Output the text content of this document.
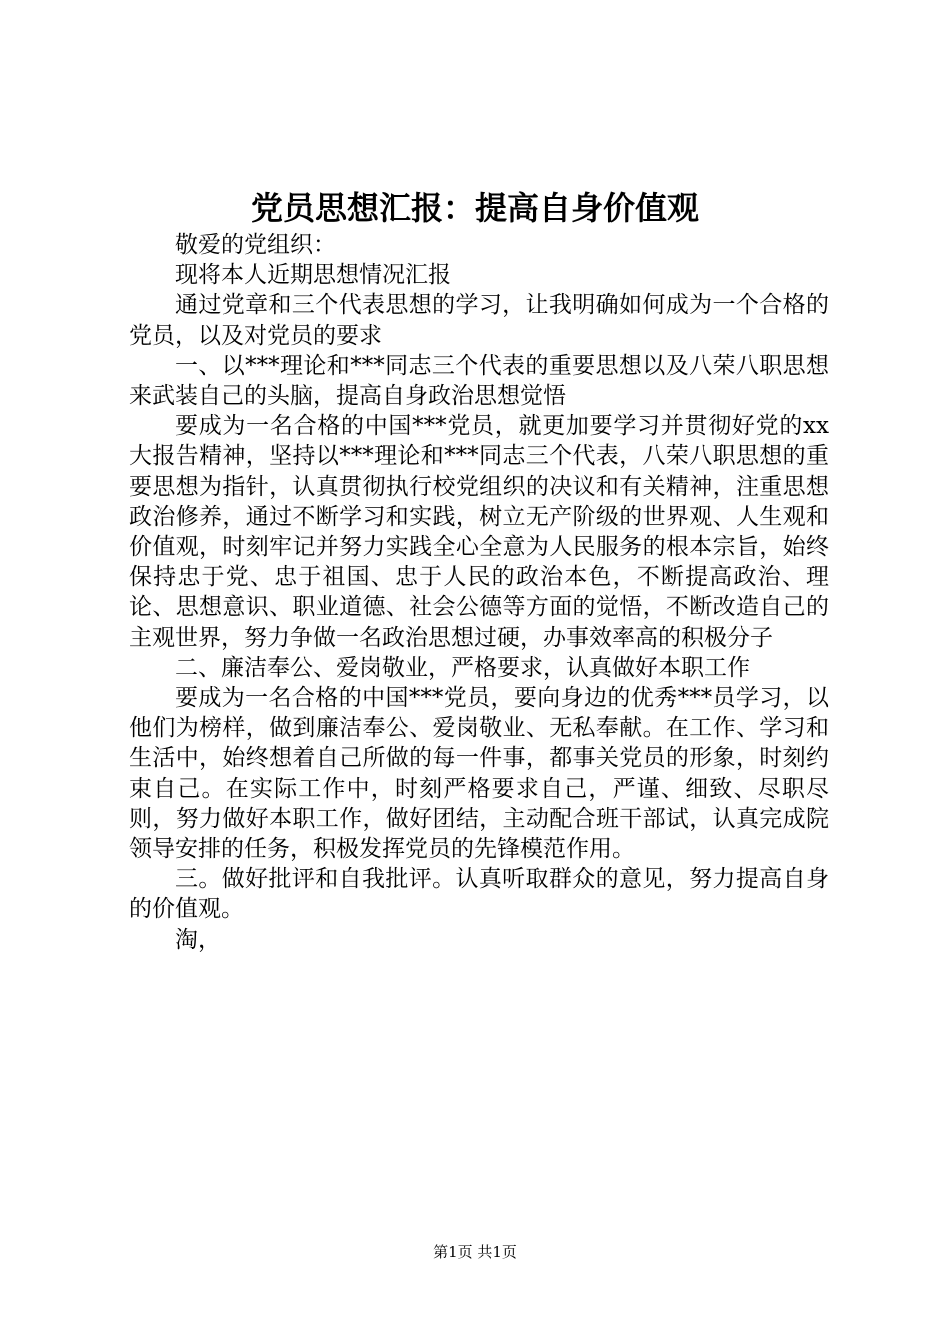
党员思想汇报：提高自身价值观

敬爱的党组织：

现将本人近期思想情况汇报

通过党章和三个代表思想的学习，让我明确如何成为一个合格的党员，以及对党员的要求

一、以***理论和***同志三个代表的重要思想以及八荣八职思想来武装自己的头脑，提高自身政治思想觉悟

要成为一名合格的中国***党员，就更加要学习并贯彻好党的xx大报告精神，坚持以***理论和***同志三个代表，八荣八职思想的重要思想为指针，认真贯彻执行校党组织的决议和有关精神，注重思想政治修养，通过不断学习和实践，树立无产阶级的世界观、人生观和价值观，时刻牢记并努力实践全心全意为人民服务的根本宗旨，始终保持忠于党、忠于祖国、忠于人民的政治本色，不断提高政治、理论、思想意识、职业道德、社会公德等方面的觉悟，不断改造自己的主观世界，努力争做一名政治思想过硬，办事效率高的积极分子

二、廉洁奉公、爱岗敬业，严格要求，认真做好本职工作

要成为一名合格的中国***党员，要向身边的优秀***员学习，以他们为榜样，做到廉洁奉公、爱岗敬业、无私奉献。在工作、学习和生活中，始终想着自己所做的每一件事，都事关党员的形象，时刻约束自己。在实际工作中，时刻严格要求自己，严谨、细致、尽职尽则，努力做好本职工作，做好团结，主动配合班干部试，认真完成院领导安排的任务，积极发挥党员的先锋模范作用。

三。做好批评和自我批评。认真听取群众的意见，努力提高自身的价值观。

淘，

第1页 共1页
